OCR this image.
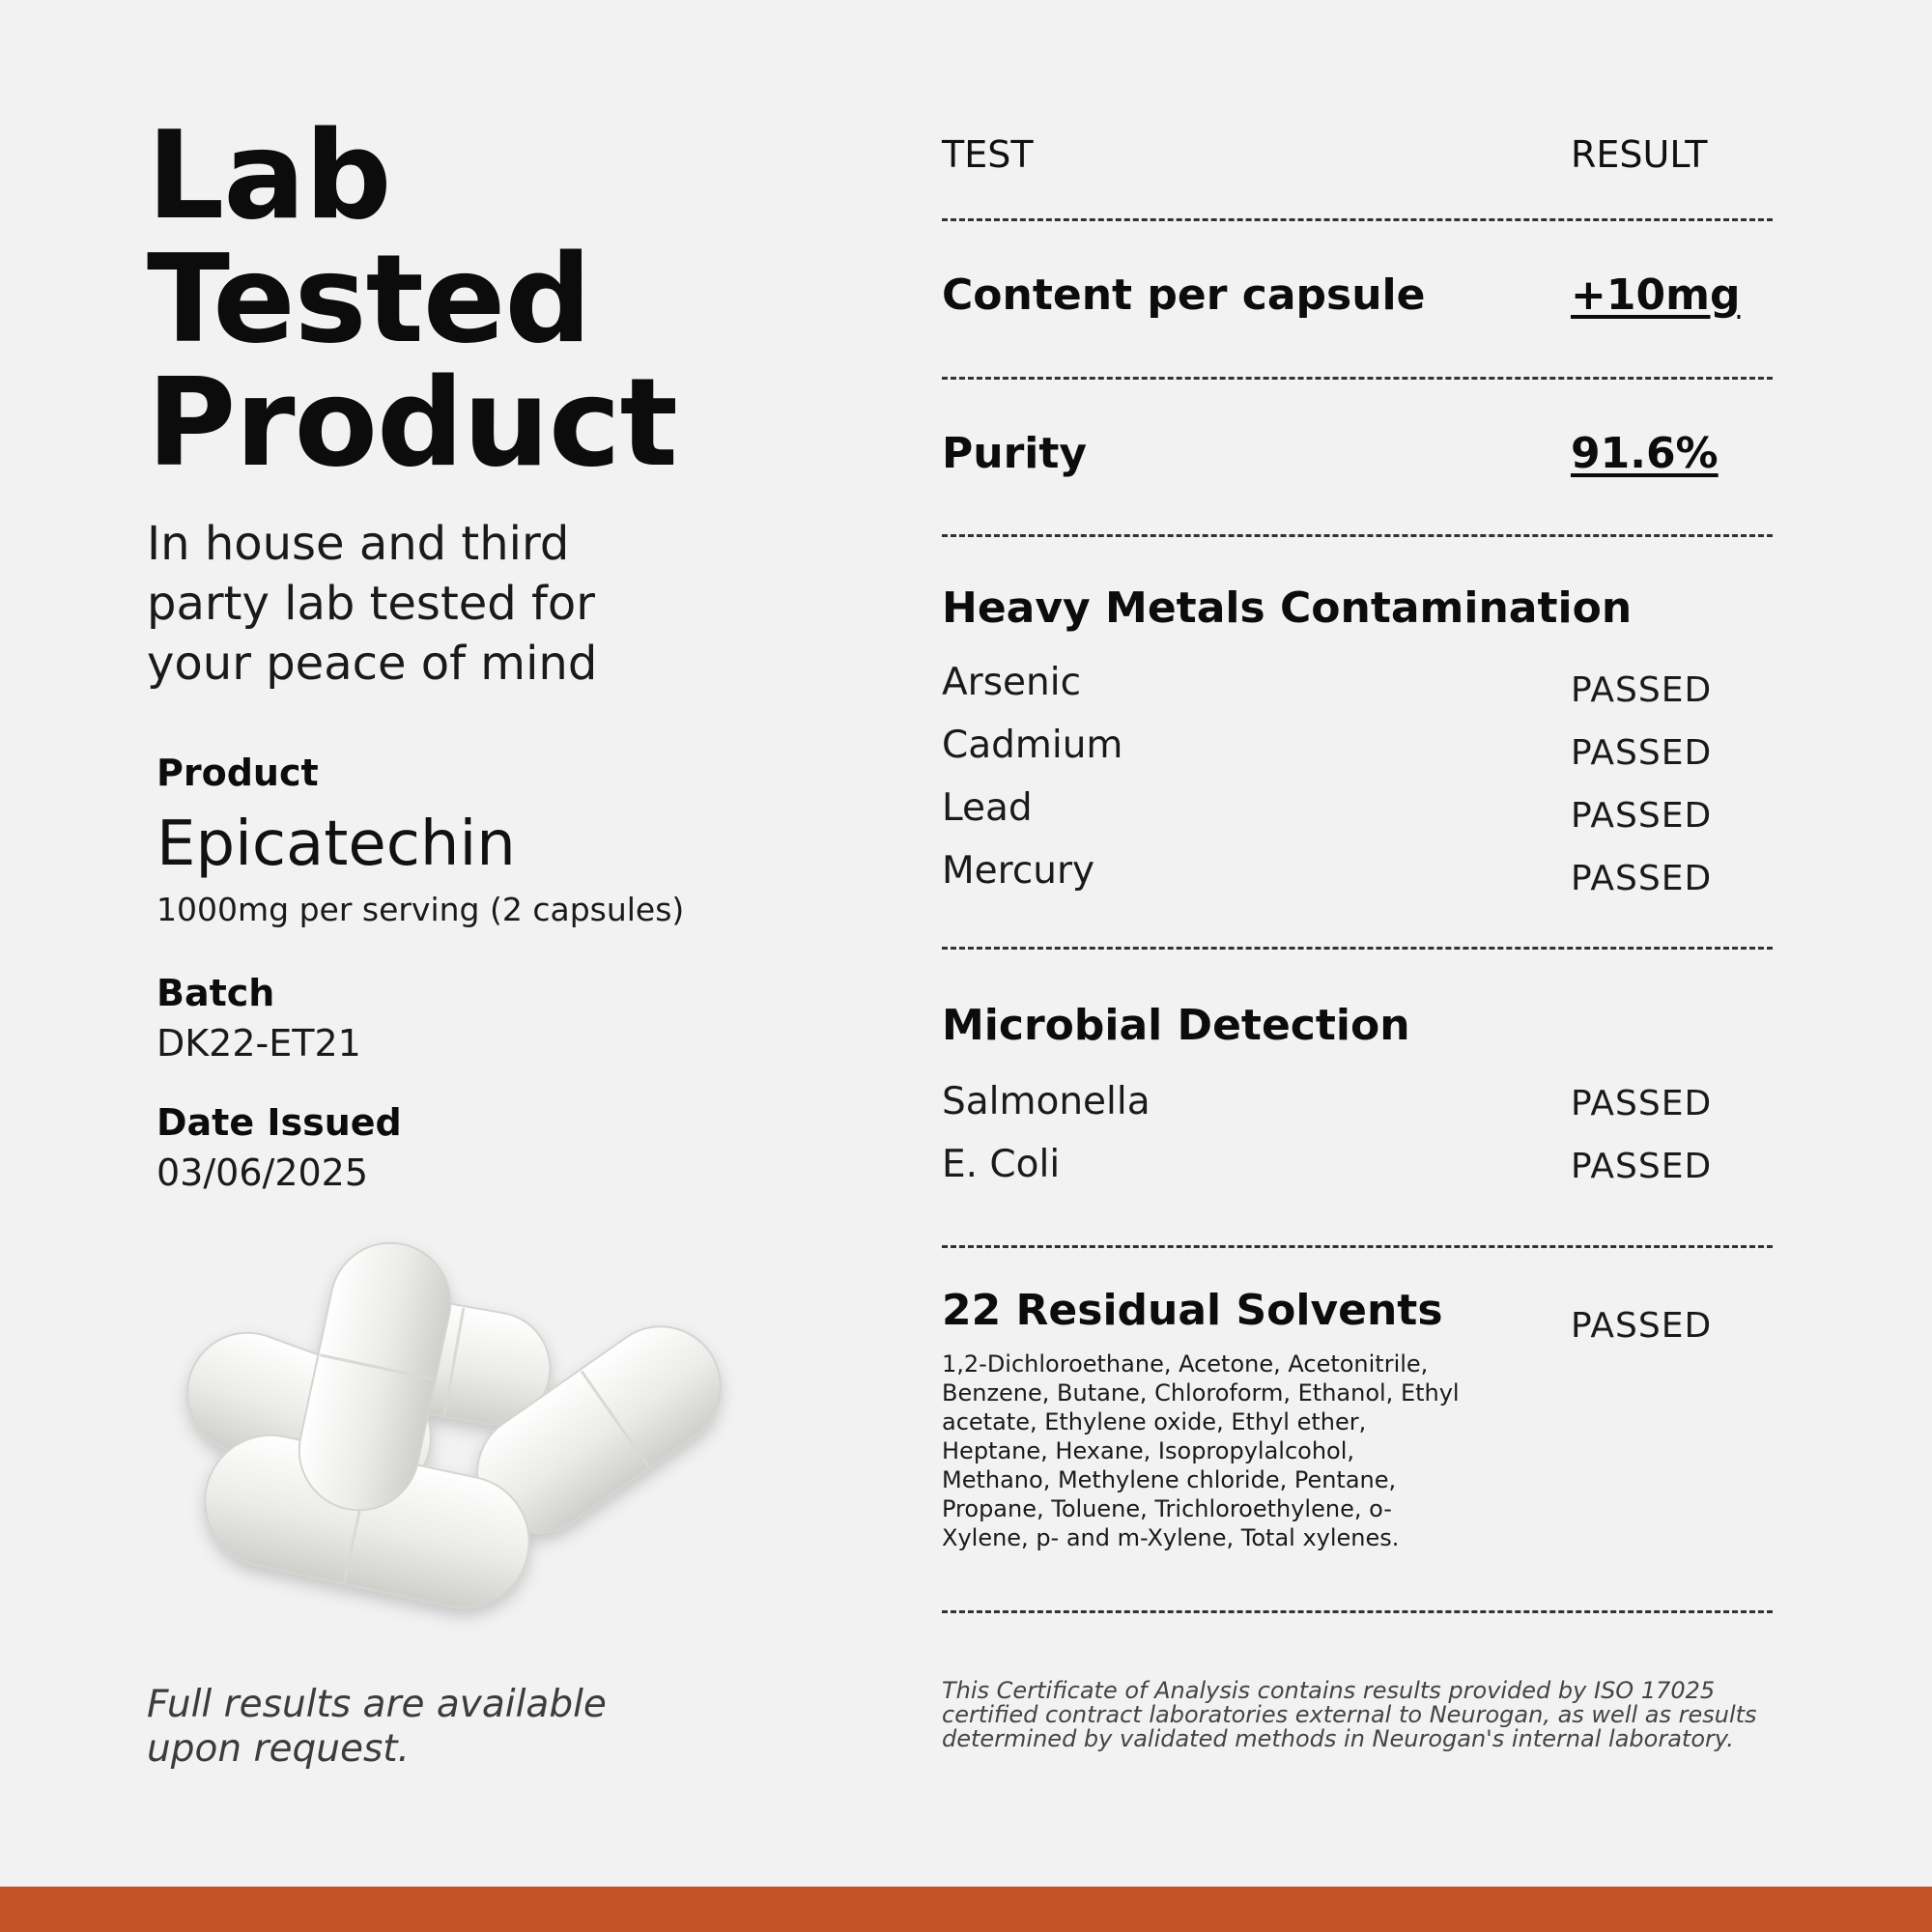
Lab
Tested
Product
In house and third party lab tested for your peace of mind
Product
Epicatechin
1000mg per serving (2 capsules)
Batch
DK22-ET21
Date Issued
03/06/2025
Full results are available upon request.
TEST	RESULT
Content per capsule	+10mg
Purity	91.6%
Heavy Metals Contamination
Arsenic	PASSED
Cadmium	PASSED
Lead	PASSED
Mercury	PASSED
Microbial Detection
Salmonella	PASSED
E. Coli	PASSED
22 Residual Solvents	PASSED
1,2-Dichloroethane, Acetone, Acetonitrile, Benzene, Butane, Chloroform, Ethanol, Ethyl acetate, Ethylene oxide, Ethyl ether, Heptane, Hexane, Isopropylalcohol, Methano, Methylene chloride, Pentane, Propane, Toluene, Trichloroethylene, o-Xylene, p- and m-Xylene, Total xylenes.
This Certificate of Analysis contains results provided by ISO 17025 certified contract laboratories external to Neurogan, as well as results determined by validated methods in Neurogan's internal laboratory.
